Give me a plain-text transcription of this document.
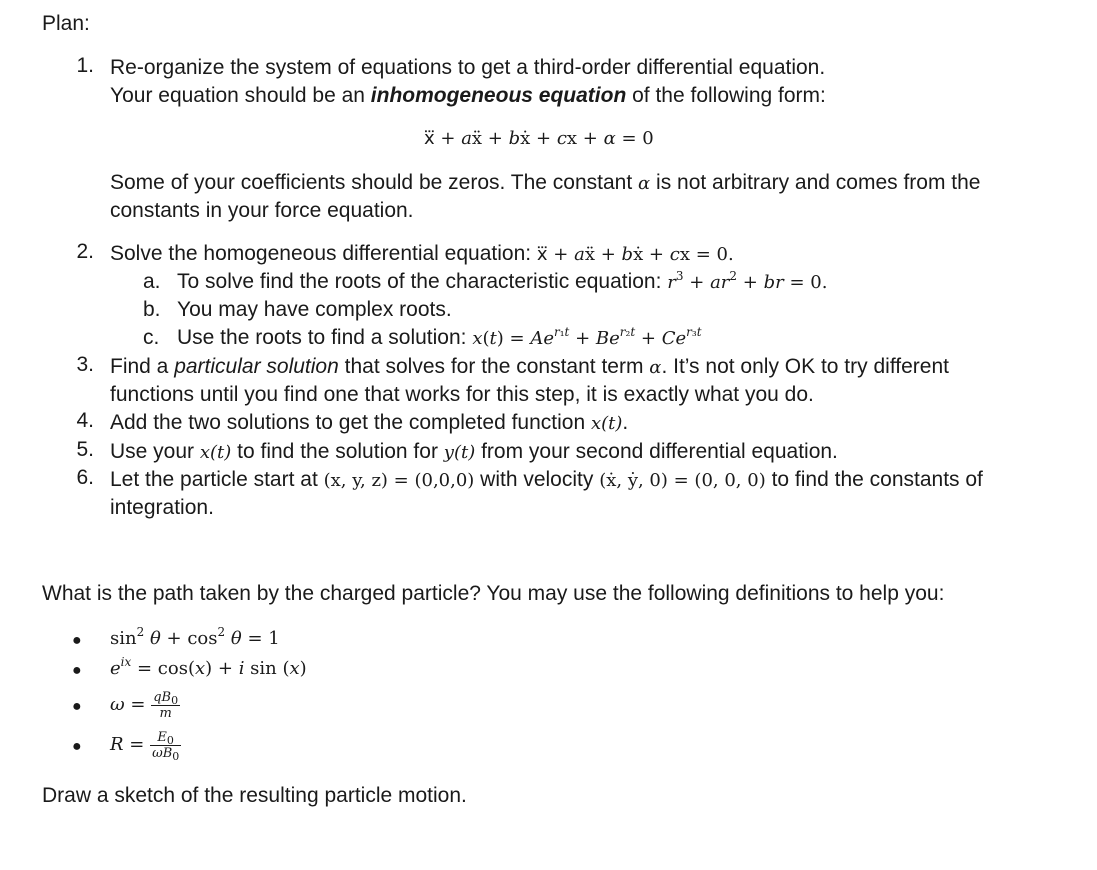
Plan:
1. Re-organize the system of equations to get a third-order differential equation.
Your equation should be an inhomogeneous equation of the following form:
x⃛ + aẍ + bẋ + cx + α = 0
Some of your coefficients should be zeros. The constant α is not arbitrary and comes from the
constants in your force equation.
2. Solve the homogeneous differential equation: x⃛ + aẍ + bẋ + cx = 0.
a. To solve find the roots of the characteristic equation: $r^3 + ar^2$ + br = 0.
b. You may have complex roots.
c. Use the roots to find a solution: $x(t) = Ae^{r_1t} + Be^{r_2t} + Ce^{r_3t}$
3. Find a particular solution that solves for the constant term α. It’s not only OK to try different
functions until you find one that works for this step, it is exactly what you do.
4. Add the two solutions to get the completed function x(t).
5. Use your x(t) to find the solution for y(t) from your second differential equation.
6. Let the particle start at (x, y, z) = (0,0,0) with velocity (ẋ, ẏ, 0) = (0, 0, 0) to find the constants of
integration.
What is the path taken by the charged particle? You may use the following definitions to help you:
● $\sin^2 \theta + \cos^2 \theta = 1$
● $e^{ix} = \cos(x) + i$ sin (x)
● $\omega = \frac{qB_0}{m}$
● $R = \frac{E_0}{\omega B_0}$
Draw a sketch of the resulting particle motion.
